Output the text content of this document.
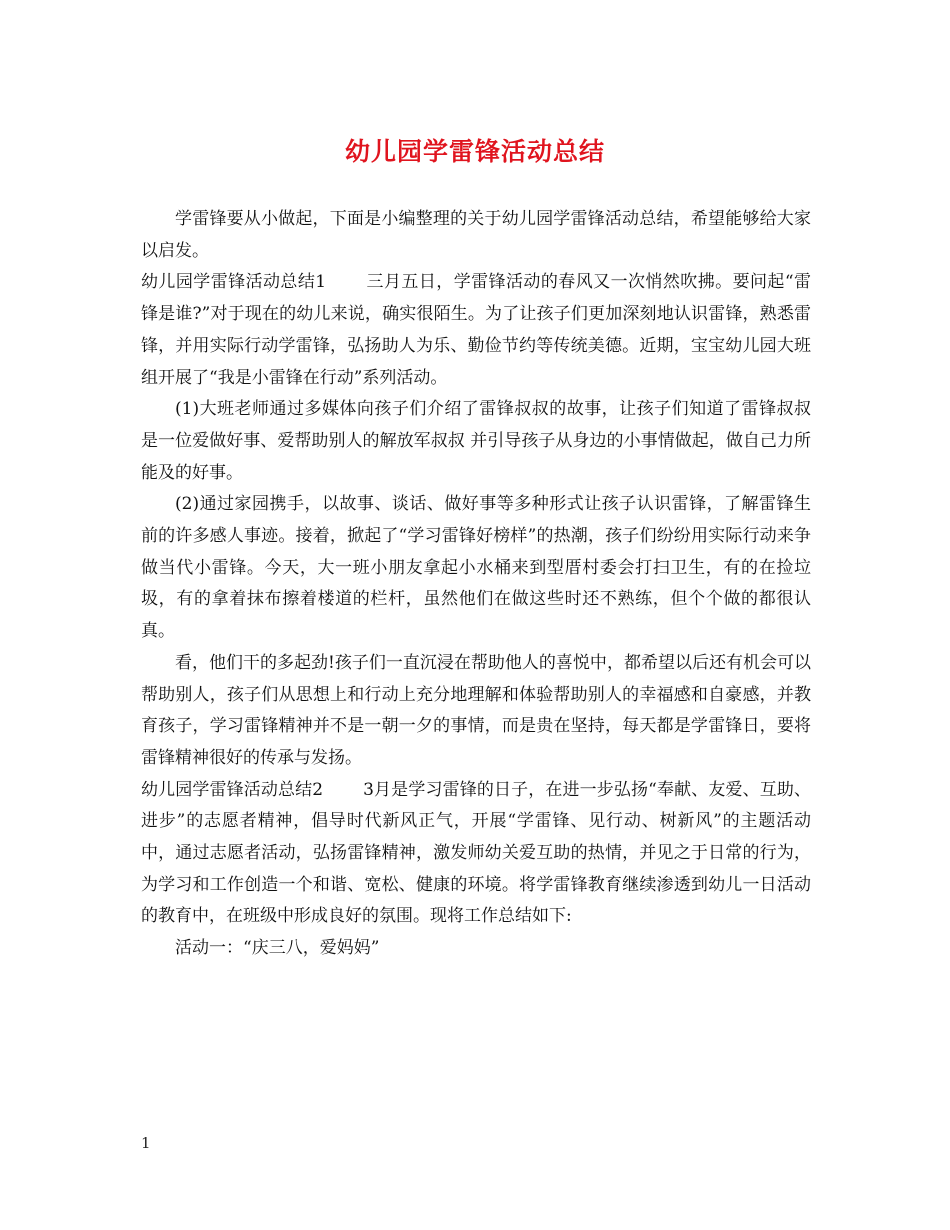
幼儿园学雷锋活动总结

学雷锋要从小做起，下面是小编整理的关于幼儿园学雷锋活动总结，希望能够给大家以启发。

幼儿园学雷锋活动总结1 三月五日，学雷锋活动的春风又一次悄然吹拂。要问起“雷锋是谁?”对于现在的幼儿来说，确实很陌生。为了让孩子们更加深刻地认识雷锋，熟悉雷锋，并用实际行动学雷锋，弘扬助人为乐、勤俭节约等传统美德。近期，宝宝幼儿园大班组开展了“我是小雷锋在行动”系列活动。

(1)大班老师通过多媒体向孩子们介绍了雷锋叔叔的故事，让孩子们知道了雷锋叔叔是一位爱做好事、爱帮助别人的解放军叔叔 并引导孩子从身边的小事情做起，做自己力所能及的好事。

(2)通过家园携手，以故事、谈话、做好事等多种形式让孩子认识雷锋，了解雷锋生前的许多感人事迹。接着，掀起了“学习雷锋好榜样”的热潮，孩子们纷纷用实际行动来争做当代小雷锋。今天，大一班小朋友拿起小水桶来到型厝村委会打扫卫生，有的在捡垃圾，有的拿着抹布擦着楼道的栏杆，虽然他们在做这些时还不熟练，但个个做的都很认真。

看，他们干的多起劲!孩子们一直沉浸在帮助他人的喜悦中，都希望以后还有机会可以帮助别人，孩子们从思想上和行动上充分地理解和体验帮助别人的幸福感和自豪感，并教育孩子，学习雷锋精神并不是一朝一夕的事情，而是贵在坚持，每天都是学雷锋日，要将雷锋精神很好的传承与发扬。

幼儿园学雷锋活动总结2 3月是学习雷锋的日子，在进一步弘扬“奉献、友爱、互助、进步”的志愿者精神，倡导时代新风正气，开展“学雷锋、见行动、树新风”的主题活动中，通过志愿者活动，弘扬雷锋精神，激发师幼关爱互助的热情，并见之于日常的行为，为学习和工作创造一个和谐、宽松、健康的环境。将学雷锋教育继续渗透到幼儿一日活动的教育中，在班级中形成良好的氛围。现将工作总结如下:

活动一：“庆三八，爱妈妈”

1
